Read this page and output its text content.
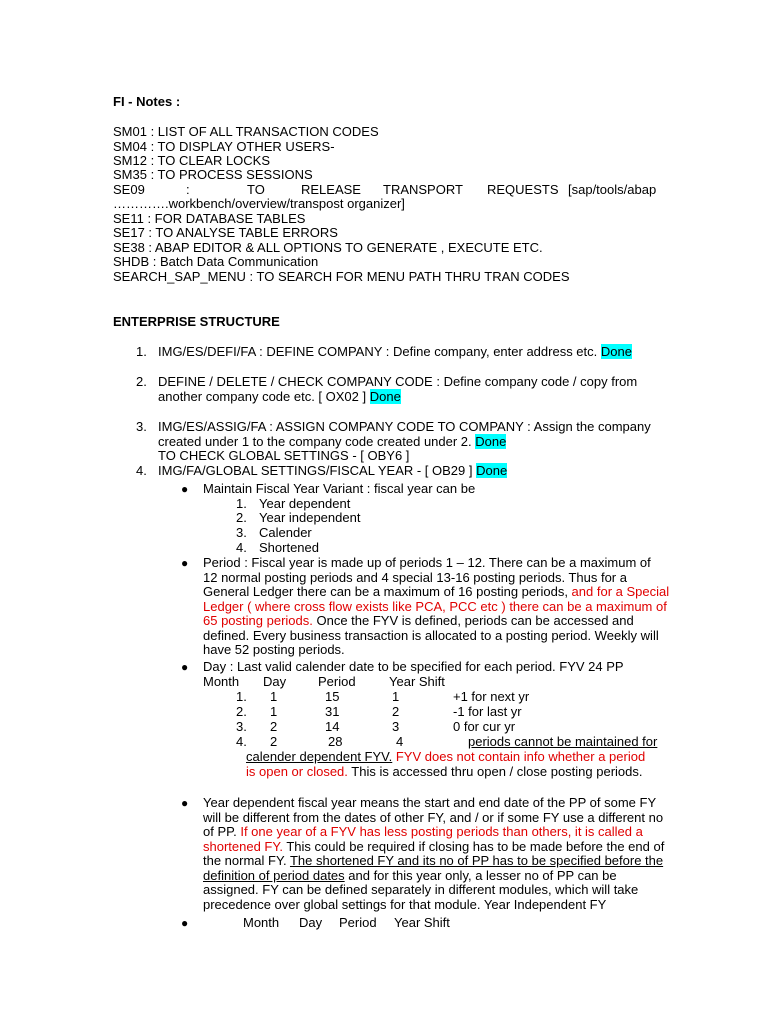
FI - Notes :
SM01 : LIST OF ALL TRANSACTION CODES
SM04 : TO DISPLAY OTHER USERS-
SM12 : TO CLEAR LOCKS
SM35 : TO PROCESS SESSIONS
SE09	:	TO	RELEASE TRANSPORT REQUESTS [sap/tools/abap
………….workbench/overview/transpost organizer]
SE11 : FOR DATABASE TABLES
SE17 : TO ANALYSE TABLE ERRORS
SE38 : ABAP EDITOR & ALL OPTIONS TO GENERATE , EXECUTE ETC.
SHDB : Batch Data Communication
SEARCH_SAP_MENU : TO SEARCH FOR MENU PATH THRU TRAN CODES
ENTERPRISE STRUCTURE
1. IMG/ES/DEFI/FA : DEFINE COMPANY : Define company, enter address etc. Done
2. DEFINE / DELETE / CHECK COMPANY CODE : Define company code / copy from
another company code etc. [ OX02 ] Done
3. IMG/ES/ASSIG/FA : ASSIGN COMPANY CODE TO COMPANY : Assign the company
created under 1 to the company code created under 2. Done
TO CHECK GLOBAL SETTINGS - [ OBY6 ]
4. IMG/FA/GLOBAL SETTINGS/FISCAL YEAR - [ OB29 ] Done
● Maintain Fiscal Year Variant : fiscal year can be
1. Year dependent
2. Year independent
3. Calender
4. Shortened
● Period : Fiscal year is made up of periods 1 – 12. There can be a maximum of
12 normal posting periods and 4 special 13-16 posting periods. Thus for a
General Ledger there can be a maximum of 16 posting periods, and for a Special
Ledger ( where cross flow exists like PCA, PCC etc ) there can be a maximum of
65 posting periods. Once the FYV is defined, periods can be accessed and
defined. Every business transaction is allocated to a posting period. Weekly will
have 52 posting periods.
● Day : Last valid calender date to be specified for each period. FYV 24 PP
Month Day Period	Year Shift
1. 1	15	1	+1 for next yr
2. 1	31	2	-1 for last yr
3. 2	14	3	0 for cur yr
4. 2	28	4	periods cannot be maintained for
calender dependent FYV. FYV does not contain info whether a period
is open or closed. This is accessed thru open / close posting periods.
● Year dependent fiscal year means the start and end date of the PP of some FY
will be different from the dates of other FY, and / or if some FY use a different no
of PP. If one year of a FYV has less posting periods than others, it is called a
shortened FY. This could be required if closing has to be made before the end of
the normal FY. The shortened FY and its no of PP has to be specified before the
definition of period dates and for this year only, a lesser no of PP can be
assigned. FY can be defined separately in different modules, which will take
precedence over global settings for that module. Year Independent FY
●	Month Day Period Year Shift
